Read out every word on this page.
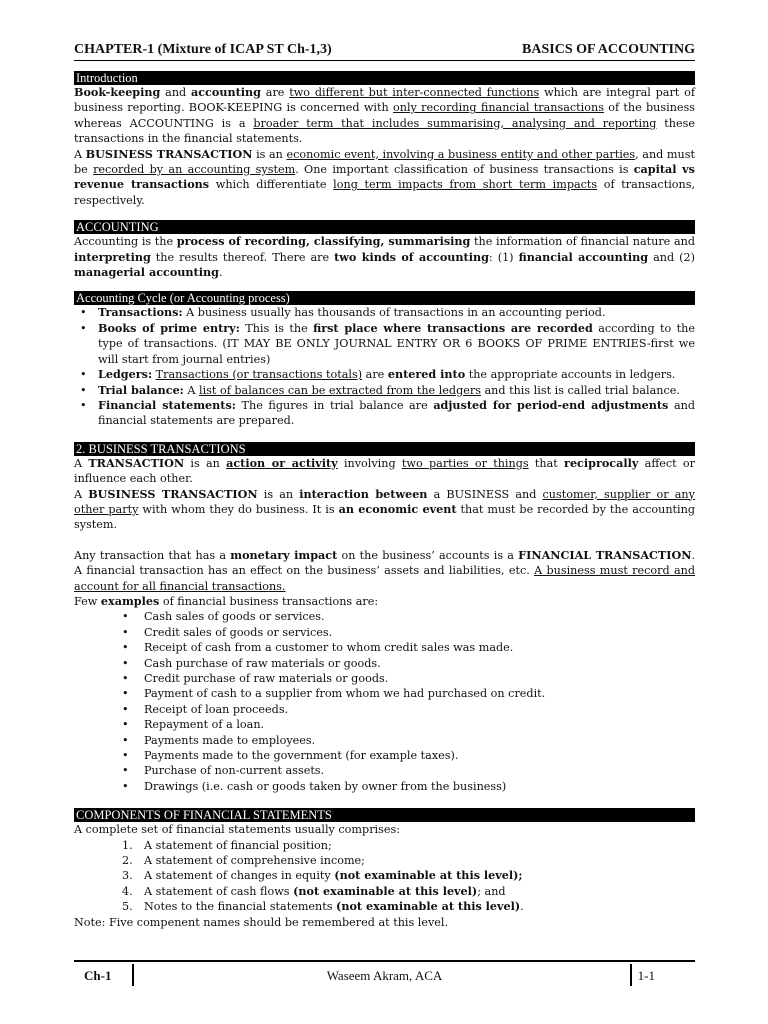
CHAPTER-1 (Mixture of ICAP ST Ch-1,3)	BASICS OF ACCOUNTING
Introduction

Book-keeping and accounting are two different but inter-connected functions which are integral part of business reporting. BOOK-KEEPING is concerned with only recording financial transactions of the business whereas ACCOUNTING is a broader term that includes summarising, analysing and reporting these transactions in the financial statements.

A BUSINESS TRANSACTION is an economic event, involving a business entity and other parties, and must be recorded by an accounting system. One important classification of business transactions is capital vs revenue transactions which differentiate long term impacts from short term impacts of transactions, respectively.

ACCOUNTING

Accounting is the process of recording, classifying, summarising the information of financial nature and interpreting the results thereof. There are two kinds of accounting: (1) financial accounting and (2) managerial accounting.

Accounting Cycle (or Accounting process)
• Transactions: A business usually has thousands of transactions in an accounting period.
• Books of prime entry: This is the first place where transactions are recorded according to the type of transactions. (IT MAY BE ONLY JOURNAL ENTRY OR 6 BOOKS OF PRIME ENTRIES-first we will start from journal entries)
• Ledgers: Transactions (or transactions totals) are entered into the appropriate accounts in ledgers.
• Trial balance: A list of balances can be extracted from the ledgers and this list is called trial balance.
• Financial statements: The figures in trial balance are adjusted for period-end adjustments and financial statements are prepared.
2. BUSINESS TRANSACTIONS

A TRANSACTION is an action or activity involving two parties or things that reciprocally affect or influence each other.

A BUSINESS TRANSACTION is an interaction between a BUSINESS and customer, supplier or any other party with whom they do business. It is an economic event that must be recorded by the accounting system.

Any transaction that has a monetary impact on the business’ accounts is a FINANCIAL TRANSACTION. A financial transaction has an effect on the business’ assets and liabilities, etc. A business must record and account for all financial transactions.

Few examples of financial business transactions are:

• Cash sales of goods or services.
• Credit sales of goods or services.
• Receipt of cash from a customer to whom credit sales was made.
• Cash purchase of raw materials or goods.
• Credit purchase of raw materials or goods.
• Payment of cash to a supplier from whom we had purchased on credit.
• Receipt of loan proceeds.
• Repayment of a loan.
• Payments made to employees.
• Payments made to the government (for example taxes).
• Purchase of non-current assets.
• Drawings (i.e. cash or goods taken by owner from the business)
COMPONENTS OF FINANCIAL STATEMENTS

A complete set of financial statements usually comprises:

1. A statement of financial position;
2. A statement of comprehensive income;
3. A statement of changes in equity (not examinable at this level);
4. A statement of cash flows (not examinable at this level); and
5. Notes to the financial statements (not examinable at this level).

Note: Five compenent names should be remembered at this level.

Ch-1	Waseem Akram, ACA	1-1
